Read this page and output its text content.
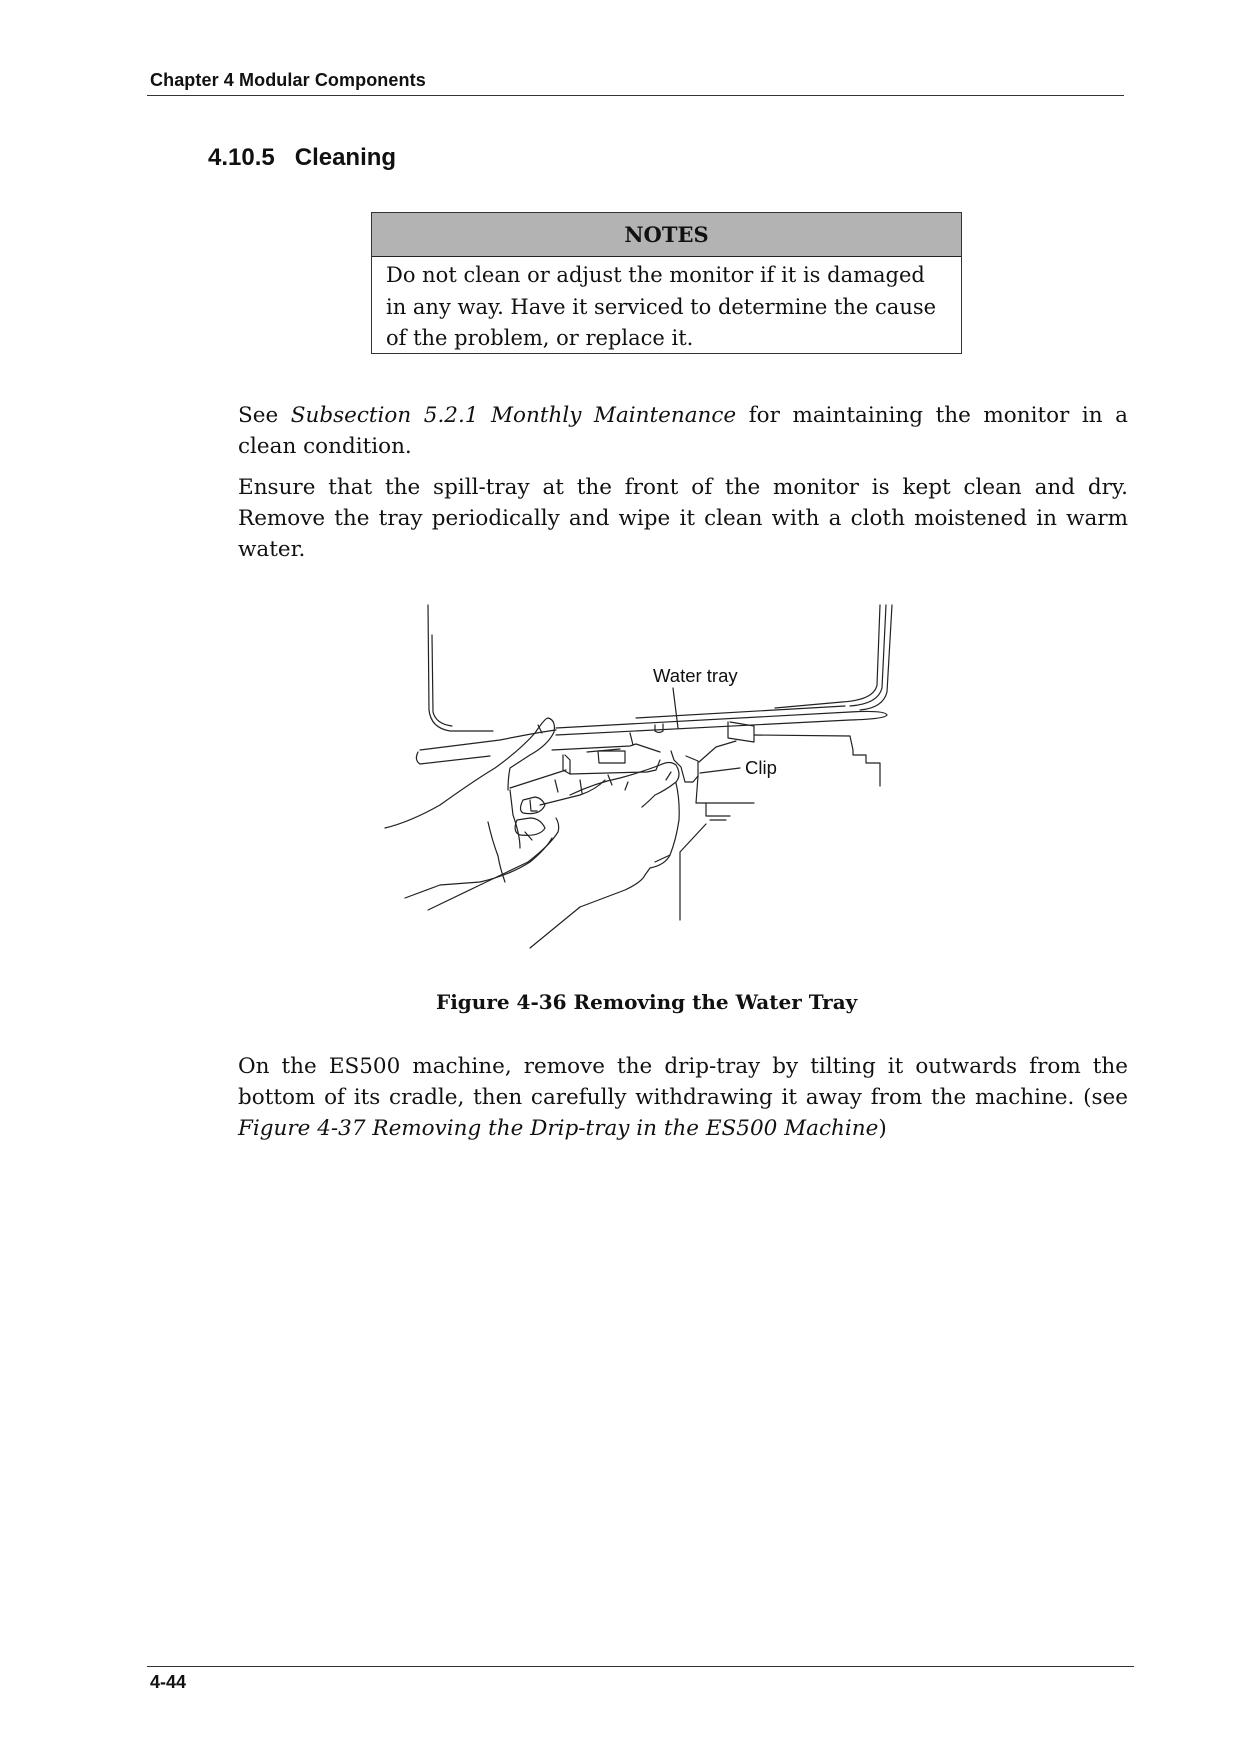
Chapter 4 Modular Components
4.10.5   Cleaning
NOTES
Do not clean or adjust the monitor if it is damaged in any way. Have it serviced to determine the cause of the problem, or replace it.
See Subsection 5.2.1 Monthly Maintenance for maintaining the monitor in a clean condition.
Ensure that the spill-tray at the front of the monitor is kept clean and dry. Remove the tray periodically and wipe it clean with a cloth moistened in warm water.
Water tray
Clip
Figure 4-36 Removing the Water Tray
On the ES500 machine, remove the drip-tray by tilting it outwards from the bottom of its cradle, then carefully withdrawing it away from the machine. (see Figure 4-37 Removing the Drip-tray in the ES500 Machine)
4-44
